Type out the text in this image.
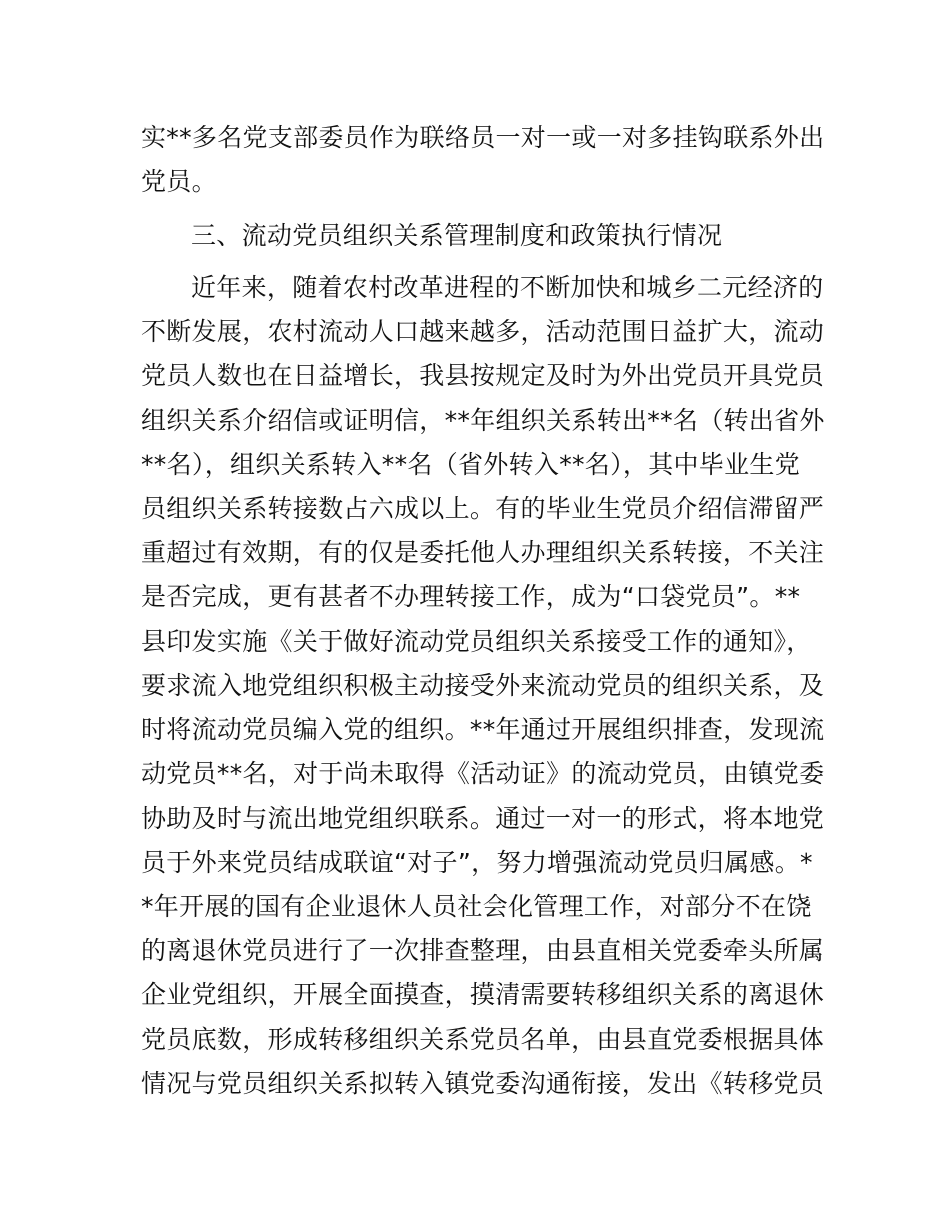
实**多名党支部委员作为联络员一对一或一对多挂钩联系外出
党员。
三、流动党员组织关系管理制度和政策执行情况
近年来，随着农村改革进程的不断加快和城乡二元经济的
不断发展，农村流动人口越来越多，活动范围日益扩大，流动
党员人数也在日益增长，我县按规定及时为外出党员开具党员
组织关系介绍信或证明信，**年组织关系转出**名（转出省外
**名），组织关系转入**名（省外转入**名），其中毕业生党
员组织关系转接数占六成以上。有的毕业生党员介绍信滞留严
重超过有效期，有的仅是委托他人办理组织关系转接，不关注
是否完成，更有甚者不办理转接工作，成为“口袋党员”。**
县印发实施《关于做好流动党员组织关系接受工作的通知》，
要求流入地党组织积极主动接受外来流动党员的组织关系，及
时将流动党员编入党的组织。**年通过开展组织排查，发现流
动党员**名，对于尚未取得《活动证》的流动党员，由镇党委
协助及时与流出地党组织联系。通过一对一的形式，将本地党
员于外来党员结成联谊“对子”，努力增强流动党员归属感。*
*年开展的国有企业退休人员社会化管理工作，对部分不在饶
的离退休党员进行了一次排查整理，由县直相关党委牵头所属
企业党组织，开展全面摸查，摸清需要转移组织关系的离退休
党员底数，形成转移组织关系党员名单，由县直党委根据具体
情况与党员组织关系拟转入镇党委沟通衔接，发出《转移党员
